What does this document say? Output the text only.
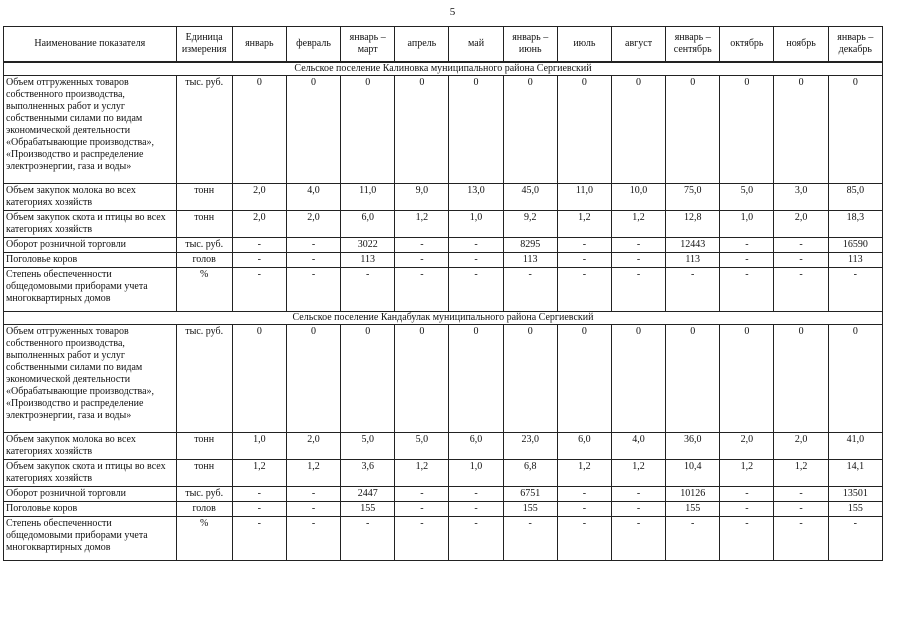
5
Наименование показателя	Единица измерения	январь	февраль	январь – март	апрель	май	январь – июнь	июль	август	январь – сентябрь	октябрь	ноябрь	январь – декабрь
Сельское поселение Калиновка муниципального района Сергиевский													
Объем отгруженных товаров собственного производства, выполненных работ и услуг собственными силами по видам экономической деятельности «Обрабатывающие производства», «Производство и распределение электроэнергии, газа и воды»	тыс. руб.	0	0	0	0	0	0	0	0	0	0	0	0
Объем закупок молока во всех категориях хозяйств	тонн	2,0	4,0	11,0	9,0	13,0	45,0	11,0	10,0	75,0	5,0	3,0	85,0
Объем закупок скота и птицы во всех категориях хозяйств	тонн	2,0	2,0	6,0	1,2	1,0	9,2	1,2	1,2	12,8	1,0	2,0	18,3
Оборот розничной торговли	тыс. руб.	-	-	3022	-	-	8295	-	-	12443	-	-	16590
Поголовье коров	голов	-	-	113	-	-	113	-	-	113	-	-	113
Степень обеспеченности общедомовыми приборами учета многоквартирных домов	%	-	-	-	-	-	-	-	-	-	-	-	-
Сельское поселение Кандабулак муниципального района Сергиевский													
Объем отгруженных товаров собственного производства, выполненных работ и услуг собственными силами по видам экономической деятельности «Обрабатывающие производства», «Производство и распределение электроэнергии, газа и воды»	тыс. руб.	0	0	0	0	0	0	0	0	0	0	0	0
Объем закупок молока во всех категориях хозяйств	тонн	1,0	2,0	5,0	5,0	6,0	23,0	6,0	4,0	36,0	2,0	2,0	41,0
Объем закупок скота и птицы во всех категориях хозяйств	тонн	1,2	1,2	3,6	1,2	1,0	6,8	1,2	1,2	10,4	1,2	1,2	14,1
Оборот розничной торговли	тыс. руб.	-	-	2447	-	-	6751	-	-	10126	-	-	13501
Поголовье коров	голов	-	-	155	-	-	155	-	-	155	-	-	155
Степень обеспеченности общедомовыми приборами учета многоквартирных домов	%	-	-	-	-	-	-	-	-	-	-	-	-
